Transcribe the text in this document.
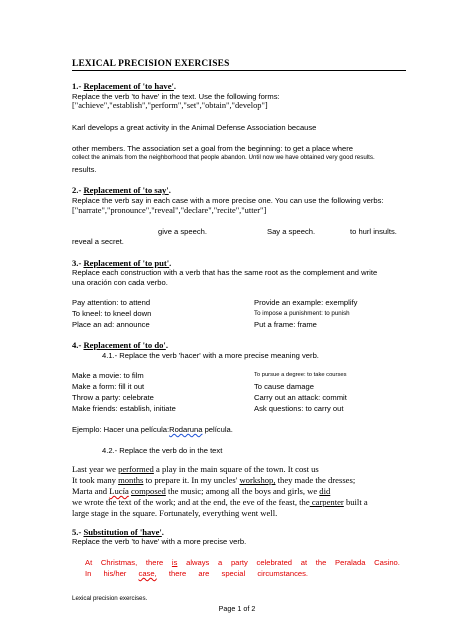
LEXICAL PRECISION EXERCISES
1.- Replacement of 'to have'.
Replace the verb 'to have' in the text. Use the following forms:
["achieve","establish","perform","set","obtain","develop"]
Karl develops a great activity in the Animal Defense Association because
other members. The association set a goal from the beginning: to get a place where
collect the animals from the neighborhood that people abandon. Until now we have obtained very good results.
results.
2.- Replacement of 'to say'.
Replace the verb say in each case with a more precise one. You can use the following verbs:
["narrate","pronounce","reveal","declare","recite","utter"]
give a speech.	Say a speech.	to hurl insults.
reveal a secret.
3.- Replacement of 'to put'.
Replace each construction with a verb that has the same root as the complement and write
una oración con cada verbo.
Pay attention: to attend
To kneel: to kneel down
Place an ad: announce
Provide an example: exemplify
To impose a punishment: to punish
Put a frame: frame
4.- Replacement of 'to do'.
4.1.- Replace the verb 'hacer' with a more precise meaning verb.
Make a movie: to film
Make a form: fill it out
Throw a party: celebrate
Make friends: establish, initiate
To pursue a degree: to take courses
To cause damage
Carry out an attack: commit
Ask questions: to carry out
Ejemplo: Hacer una película:Rodaruna película.
4.2.- Replace the verb do in the text
Last year we performed a play in the main square of the town. It cost us
It took many months to prepare it. In my uncles' workshop, they made the dresses;
Marta and Lucía composed the music; among all the boys and girls, we did
we wrote the text of the work; and at the end, the eve of the feast, the carpenter built a
large stage in the square. Fortunately, everything went well.
5.- Substitution of 'have'.
Replace the verb 'to have' with a more precise verb.
At Christmas, there is always a party celebrated at the Peralada Casino.
In his/her case, there are special circumstances.
Lexical precision exercises.
Page 1 of 2
